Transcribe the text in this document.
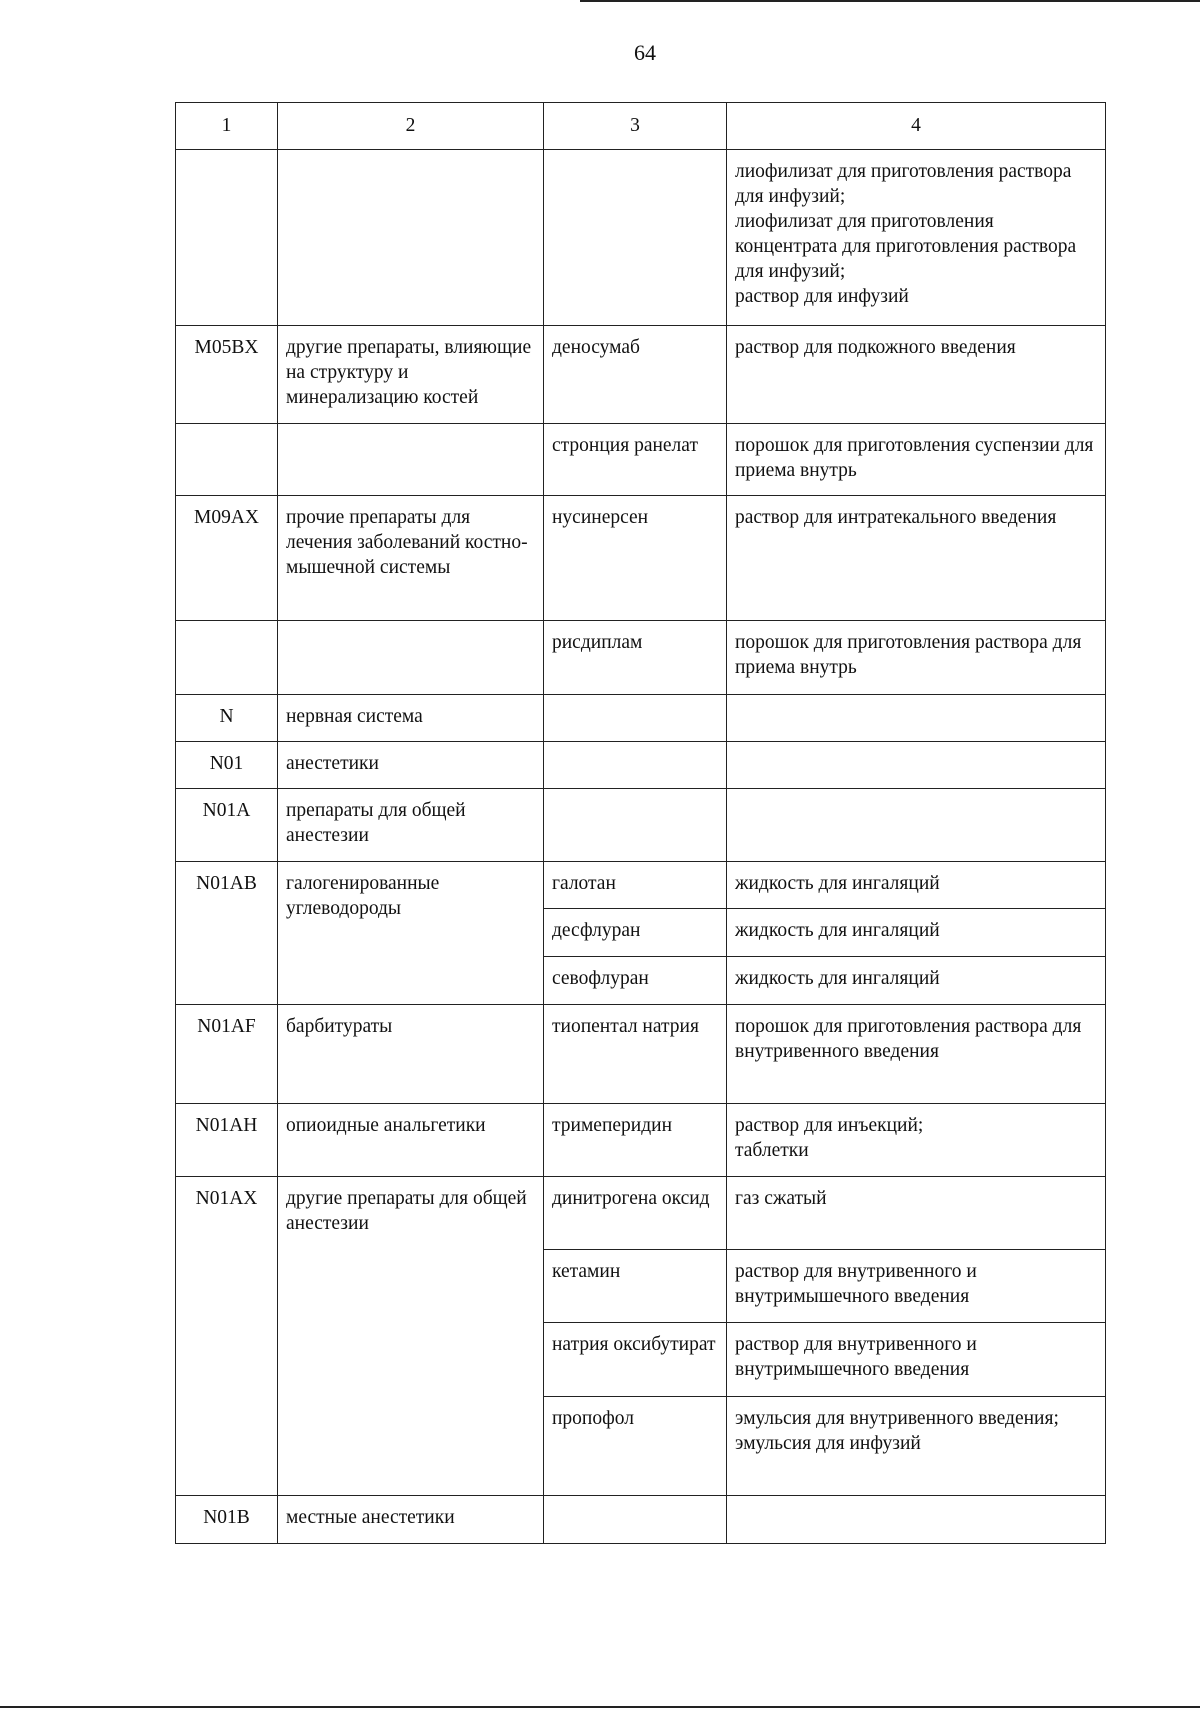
64
1	2	3	4

			лиофилизат для приготовления раствора для инфузий;
лиофилизат для приготовления концентрата для приготовления раствора для инфузий;
раствор для инфузий

M05BX	другие препараты, влияющие на структуру и минерализацию костей	деносумаб	раствор для подкожного введения
		стронция ранелат	порошок для приготовления суспензии для приема внутрь
M09AX	прочие препараты для лечения заболеваний костно-мышечной системы	нусинерсен	раствор для интратекального введения
		рисдиплам	порошок для приготовления раствора для приема внутрь
N	нервная система		
N01	анестетики		
N01A	препараты для общей анестезии		
N01AB	галогенированные углеводороды	галотан	жидкость для ингаляций
		десфлуран	жидкость для ингаляций
		севофлуран	жидкость для ингаляций
N01AF	барбитураты	тиопентал натрия	порошок для приготовления раствора для внутривенного введения
N01AH	опиоидные анальгетики	тримеперидин	раствор для инъекций;
таблетки

N01AX	другие препараты для общей анестезии	динитрогена оксид	газ сжатый
		кетамин	раствор для внутривенного и внутримышечного введения
		натрия оксибутират	раствор для внутривенного и внутримышечного введения
		пропофол	эмульсия для внутривенного введения;
эмульсия для инфузий

N01B	местные анестетики		
